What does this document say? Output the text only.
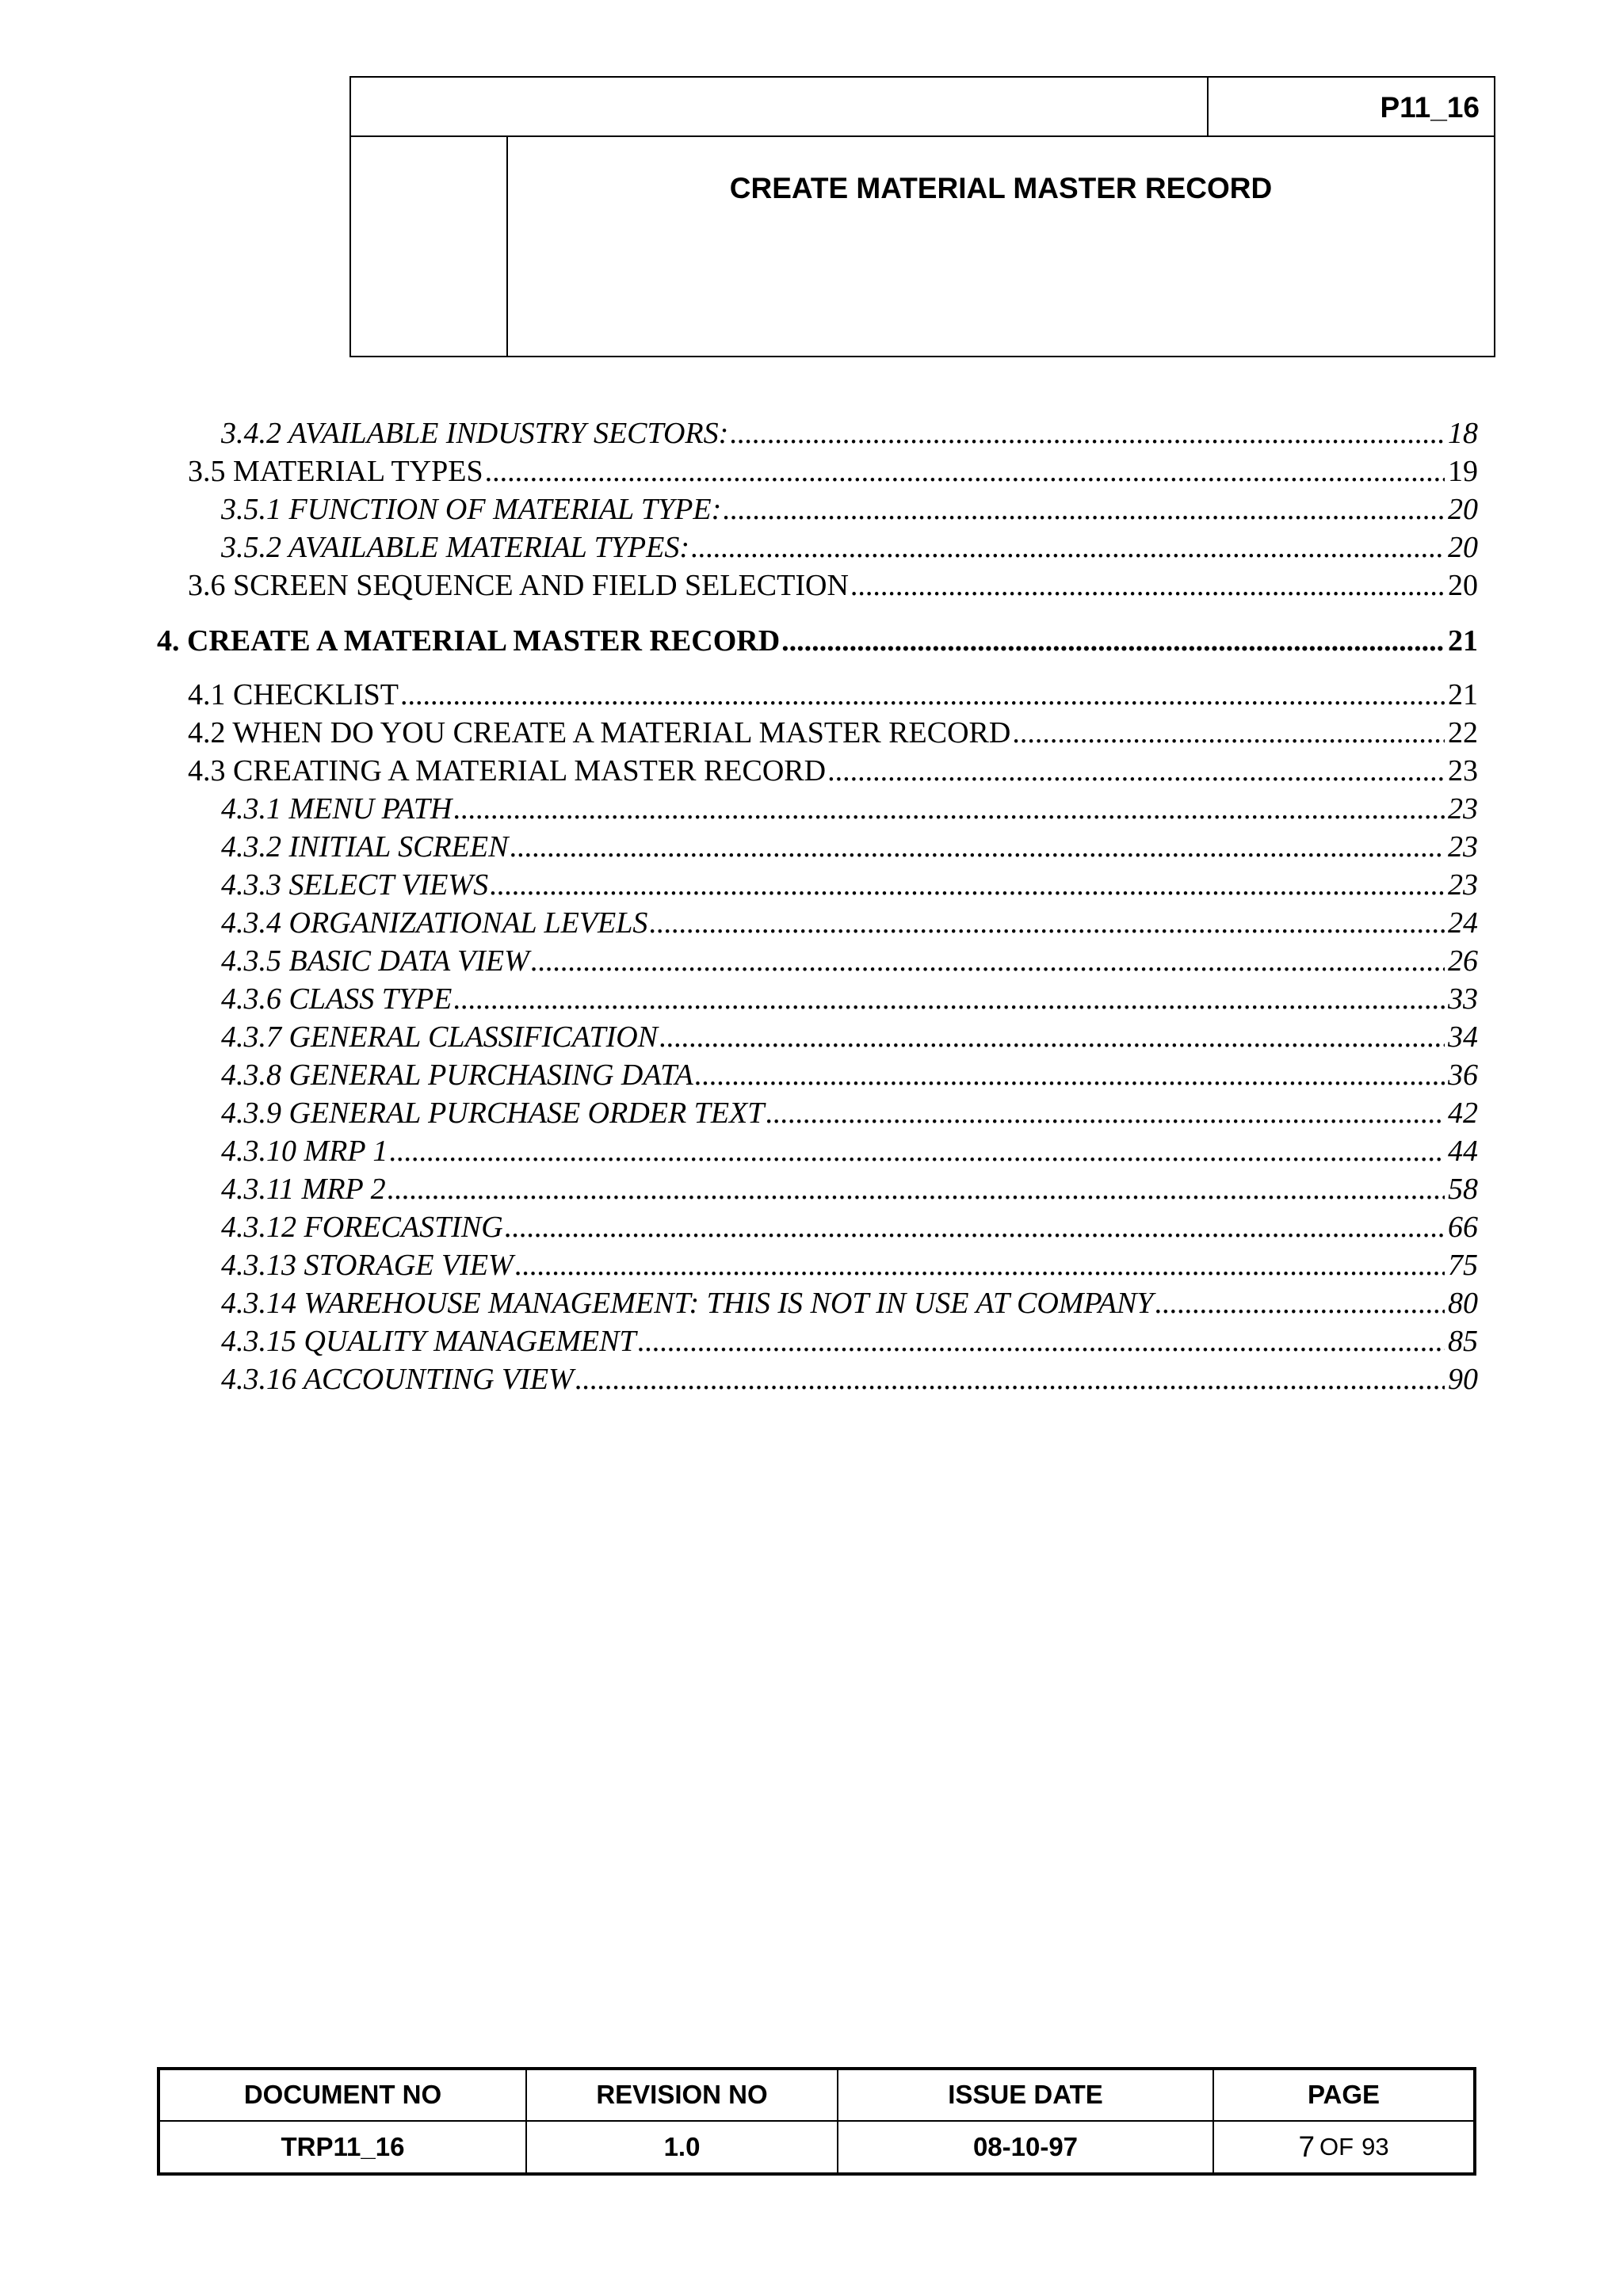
P11_16
CREATE MATERIAL MASTER RECORD
3.4.2 AVAILABLE INDUSTRY SECTORS: .....	18
3.5 MATERIAL TYPES .....	19
3.5.1 FUNCTION OF MATERIAL TYPE: .....	20
3.5.2 AVAILABLE MATERIAL TYPES: .....	20
3.6 SCREEN SEQUENCE AND FIELD SELECTION .....	20
4. CREATE A MATERIAL MASTER RECORD .....	21
4.1 CHECKLIST .....	21
4.2 WHEN DO YOU CREATE A MATERIAL MASTER RECORD .....	22
4.3 CREATING A MATERIAL MASTER RECORD .....	23
4.3.1 MENU PATH .....	23
4.3.2 INITIAL SCREEN .....	23
4.3.3 SELECT VIEWS .....	23
4.3.4 ORGANIZATIONAL LEVELS .....	24
4.3.5 BASIC DATA VIEW .....	26
4.3.6 CLASS TYPE .....	33
4.3.7 GENERAL CLASSIFICATION .....	34
4.3.8 GENERAL PURCHASING DATA .....	36
4.3.9 GENERAL PURCHASE ORDER TEXT .....	42
4.3.10 MRP 1 .....	44
4.3.11 MRP 2 .....	58
4.3.12 FORECASTING .....	66
4.3.13 STORAGE VIEW .....	75
4.3.14 WAREHOUSE MANAGEMENT: THIS IS NOT IN USE AT COMPANY .....	80
4.3.15 QUALITY MANAGEMENT .....	85
4.3.16 ACCOUNTING VIEW .....	90
DOCUMENT NO	REVISION NO	ISSUE DATE	PAGE
TRP11_16	1.0	08-10-97	7 OF 93
